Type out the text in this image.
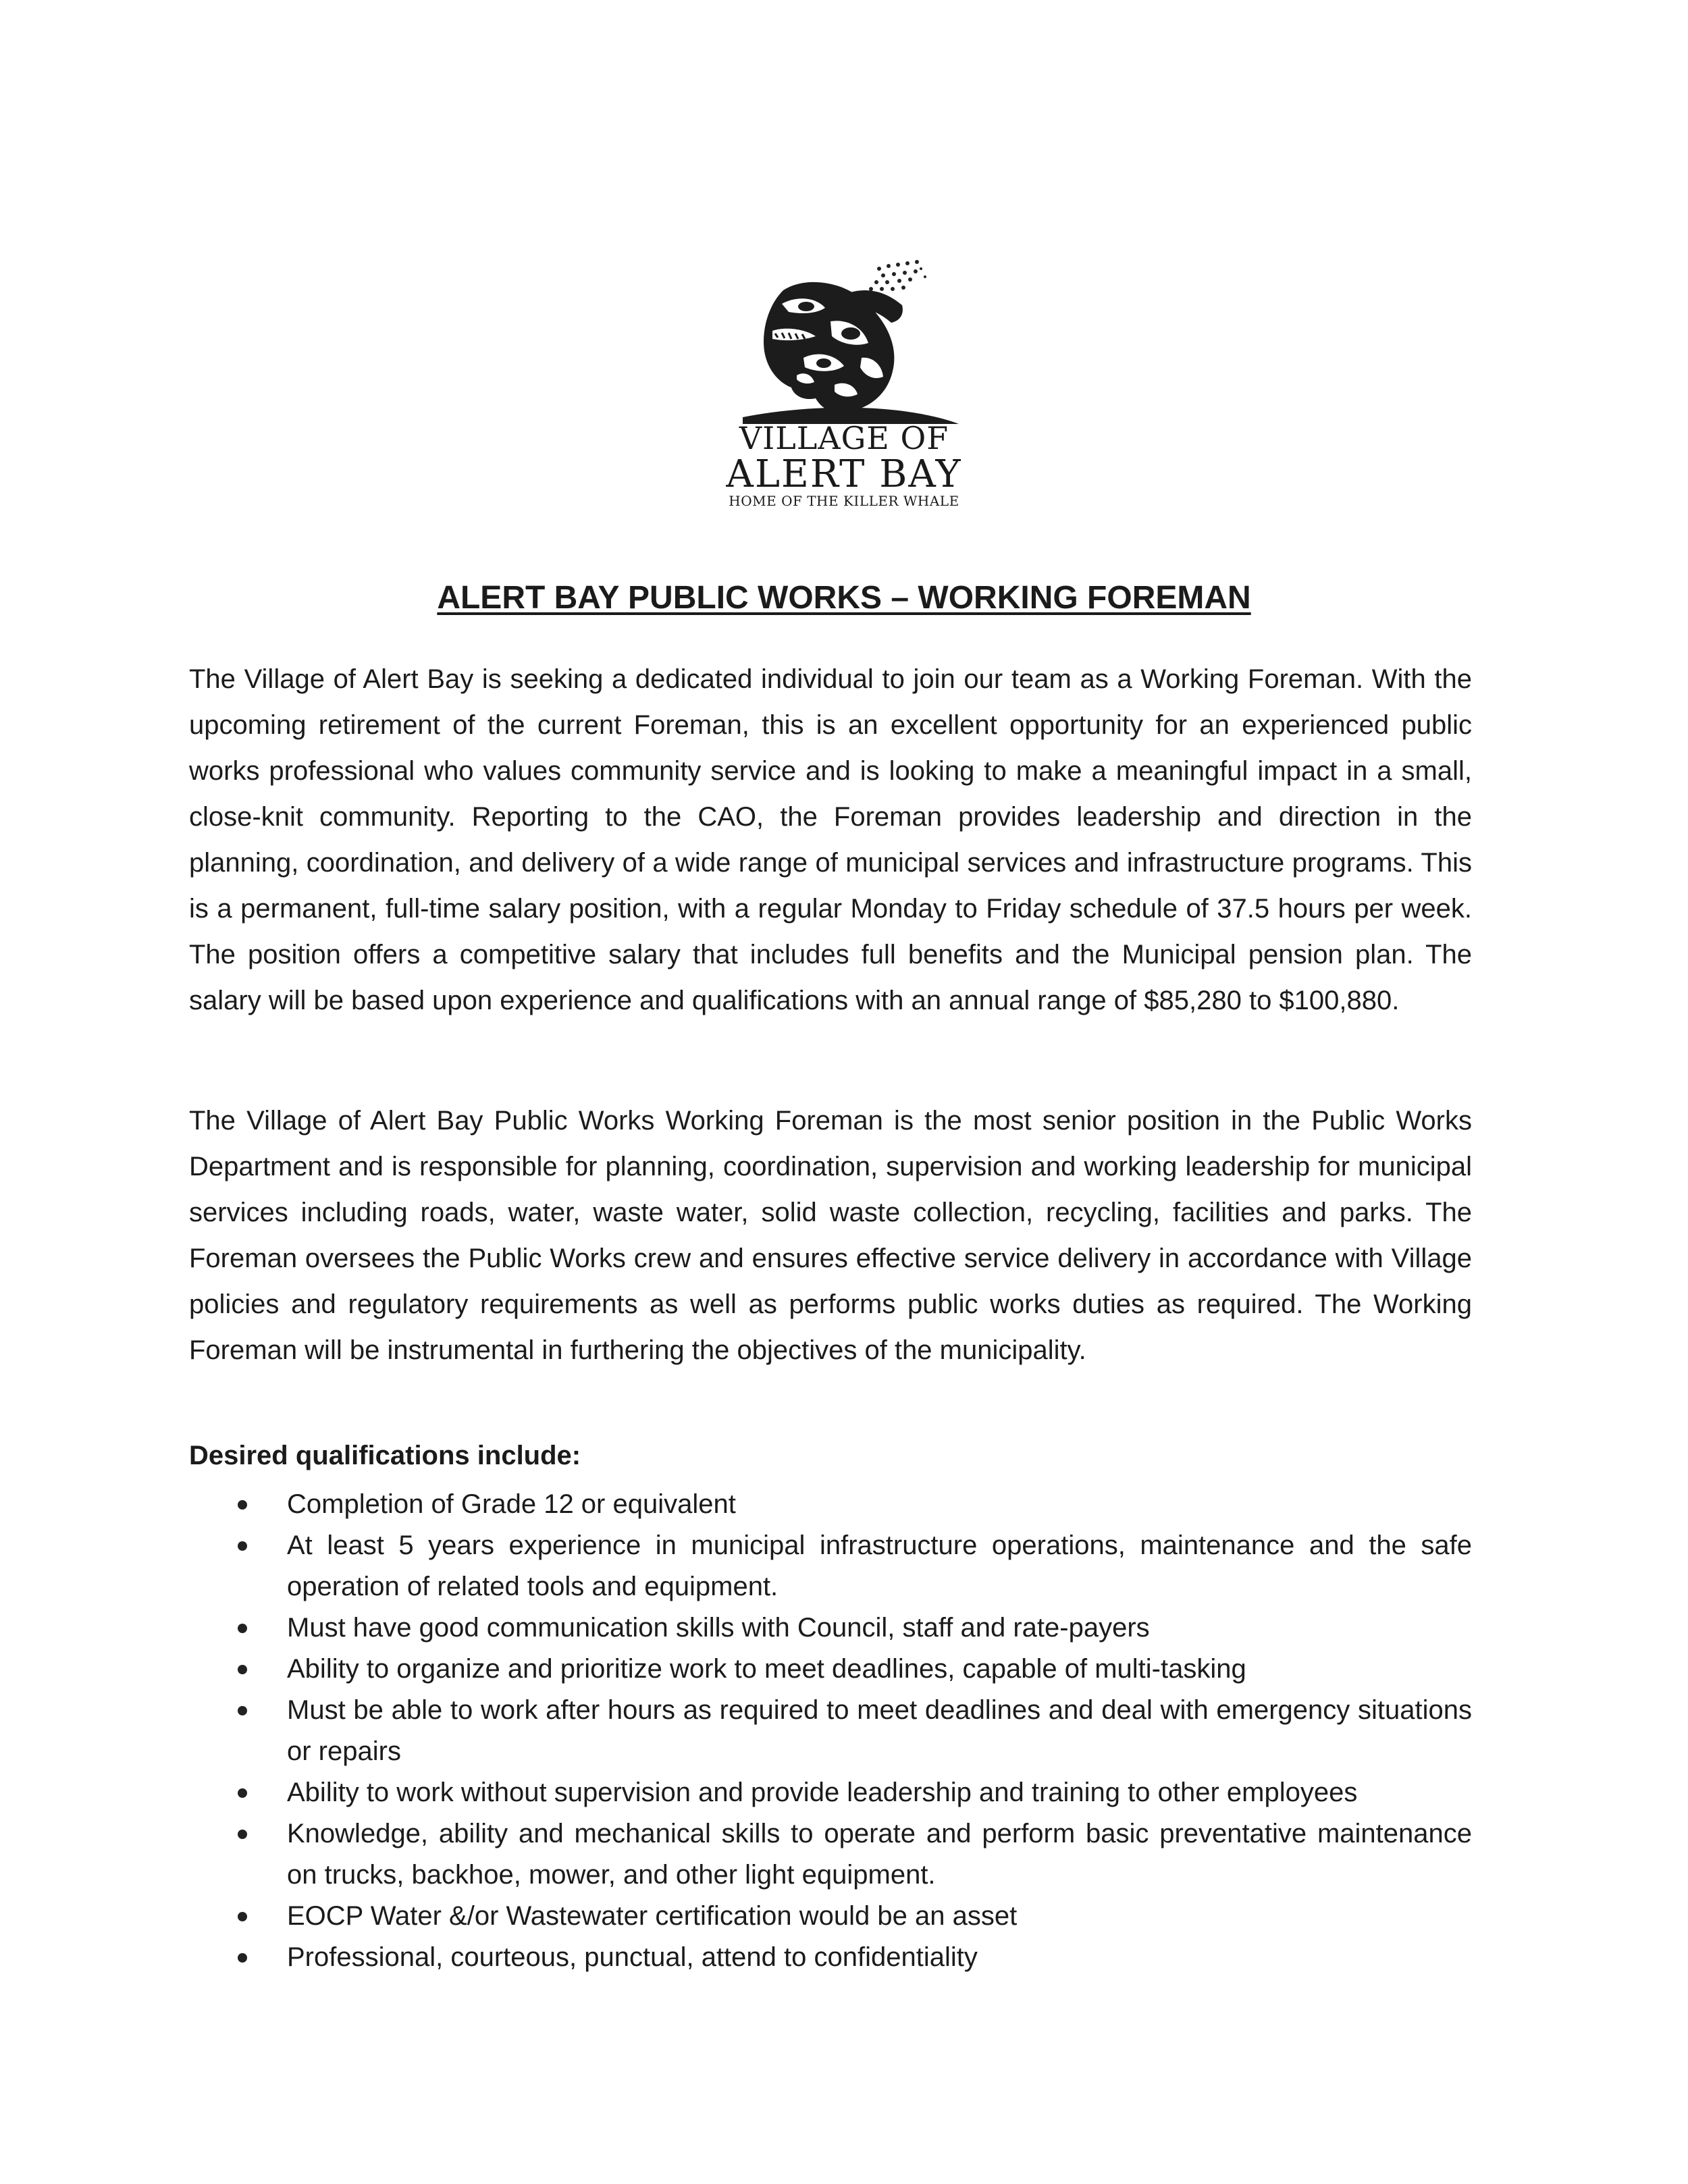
VILLAGE OF
ALERT BAY
HOME OF THE KILLER WHALE
ALERT BAY PUBLIC WORKS – WORKING FOREMAN

The Village of Alert Bay is seeking a dedicated individual to join our team as a Working Foreman. With the upcoming retirement of the current Foreman, this is an excellent opportunity for an experienced public works professional who values community service and is looking to make a meaningful impact in a small, close-knit community. Reporting to the CAO, the Foreman provides leadership and direction in the planning, coordination, and delivery of a wide range of municipal services and infrastructure programs. This is a permanent, full-time salary position, with a regular Monday to Friday schedule of 37.5 hours per week. The position offers a competitive salary that includes full benefits and the Municipal pension plan. The salary will be based upon experience and qualifications with an annual range of $85,280 to $100,880.

The Village of Alert Bay Public Works Working Foreman is the most senior position in the Public Works Department and is responsible for planning, coordination, supervision and working leadership for municipal services including roads, water, waste water, solid waste collection, recycling, facilities and parks. The Foreman oversees the Public Works crew and ensures effective service delivery in accordance with Village policies and regulatory requirements as well as performs public works duties as required. The Working Foreman will be instrumental in furthering the objectives of the municipality.

Desired qualifications include:

Completion of Grade 12 or equivalent
At least 5 years experience in municipal infrastructure operations, maintenance and the safe operation of related tools and equipment.
Must have good communication skills with Council, staff and rate-payers
Ability to organize and prioritize work to meet deadlines, capable of multi-tasking
Must be able to work after hours as required to meet deadlines and deal with emergency situations or repairs
Ability to work without supervision and provide leadership and training to other employees
Knowledge, ability and mechanical skills to operate and perform basic preventative maintenance on trucks, backhoe, mower, and other light equipment.
EOCP Water &/or Wastewater certification would be an asset
Professional, courteous, punctual, attend to confidentiality
